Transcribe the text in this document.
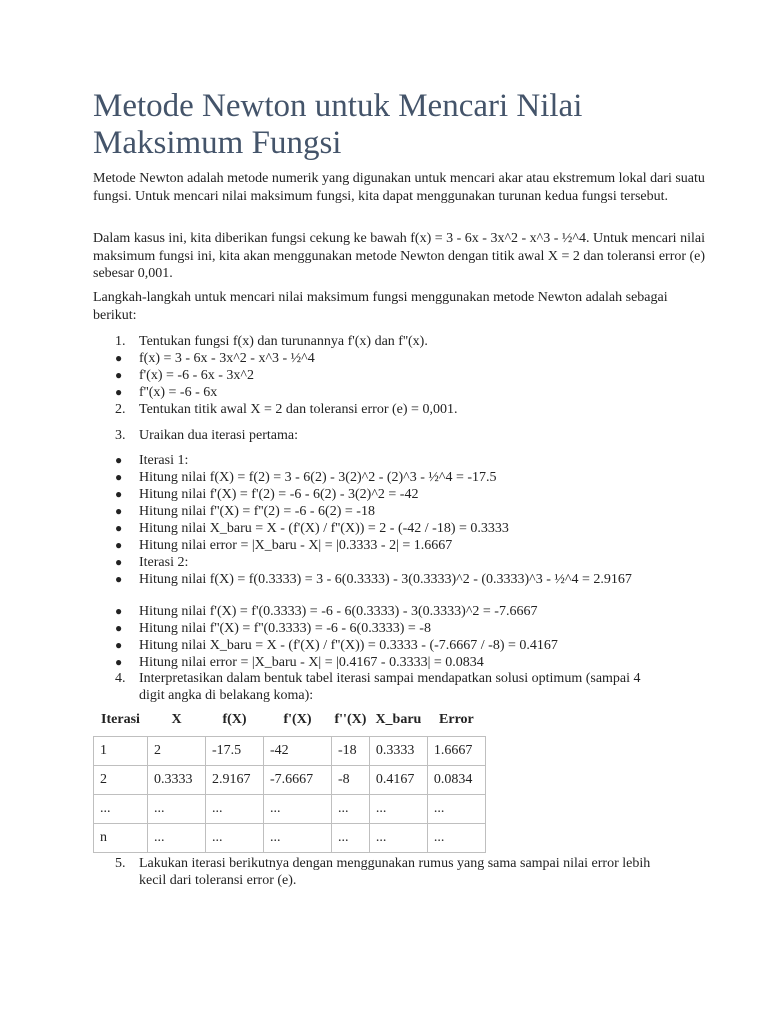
Metode Newton untuk Mencari Nilai Maksimum Fungsi

Metode Newton adalah metode numerik yang digunakan untuk mencari akar atau ekstremum lokal dari suatu fungsi. Untuk mencari nilai maksimum fungsi, kita dapat menggunakan turunan kedua fungsi tersebut.

Dalam kasus ini, kita diberikan fungsi cekung ke bawah f(x) = 3 - 6x - 3x^2 - x^3 - ½^4. Untuk mencari nilai maksimum fungsi ini, kita akan menggunakan metode Newton dengan titik awal X = 2 dan toleransi error (e) sebesar 0,001.

Langkah-langkah untuk mencari nilai maksimum fungsi menggunakan metode Newton adalah sebagai berikut:

1. Tentukan fungsi f(x) dan turunannya f'(x) dan f''(x).
● f(x) = 3 - 6x - 3x^2 - x^3 - ½^4
● f'(x) = -6 - 6x - 3x^2
● f''(x) = -6 - 6x
2. Tentukan titik awal X = 2 dan toleransi error (e) = 0,001.
3. Uraikan dua iterasi pertama:
● Iterasi 1:
● Hitung nilai f(X) = f(2) = 3 - 6(2) - 3(2)^2 - (2)^3 - ½^4 = -17.5
● Hitung nilai f'(X) = f'(2) = -6 - 6(2) - 3(2)^2 = -42
● Hitung nilai f''(X) = f''(2) = -6 - 6(2) = -18
● Hitung nilai X_baru = X - (f'(X) / f''(X)) = 2 - (-42 / -18) = 0.3333
● Hitung nilai error = |X_baru - X| = |0.3333 - 2| = 1.6667
● Iterasi 2:
● Hitung nilai f(X) = f(0.3333) = 3 - 6(0.3333) - 3(0.3333)^2 - (0.3333)^3 - ½^4 = 2.9167
● Hitung nilai f'(X) = f'(0.3333) = -6 - 6(0.3333) - 3(0.3333)^2 = -7.6667
● Hitung nilai f''(X) = f''(0.3333) = -6 - 6(0.3333) = -8
● Hitung nilai X_baru = X - (f'(X) / f''(X)) = 0.3333 - (-7.6667 / -8) = 0.4167
● Hitung nilai error = |X_baru - X| = |0.4167 - 0.3333| = 0.0834
4. Interpretasikan dalam bentuk tabel iterasi sampai mendapatkan solusi optimum (sampai 4 digit angka di belakang koma):
Iterasi	X	f(X)	f'(X)	f''(X)	X_baru	Error
1	2	-17.5	-42	-18	0.3333	1.6667
2	0.3333	2.9167	-7.6667	-8	0.4167	0.0834
...	...	...	...	...	...	...
n	...	...	...	...	...	...
5. Lakukan iterasi berikutnya dengan menggunakan rumus yang sama sampai nilai error lebih kecil dari toleransi error (e).
